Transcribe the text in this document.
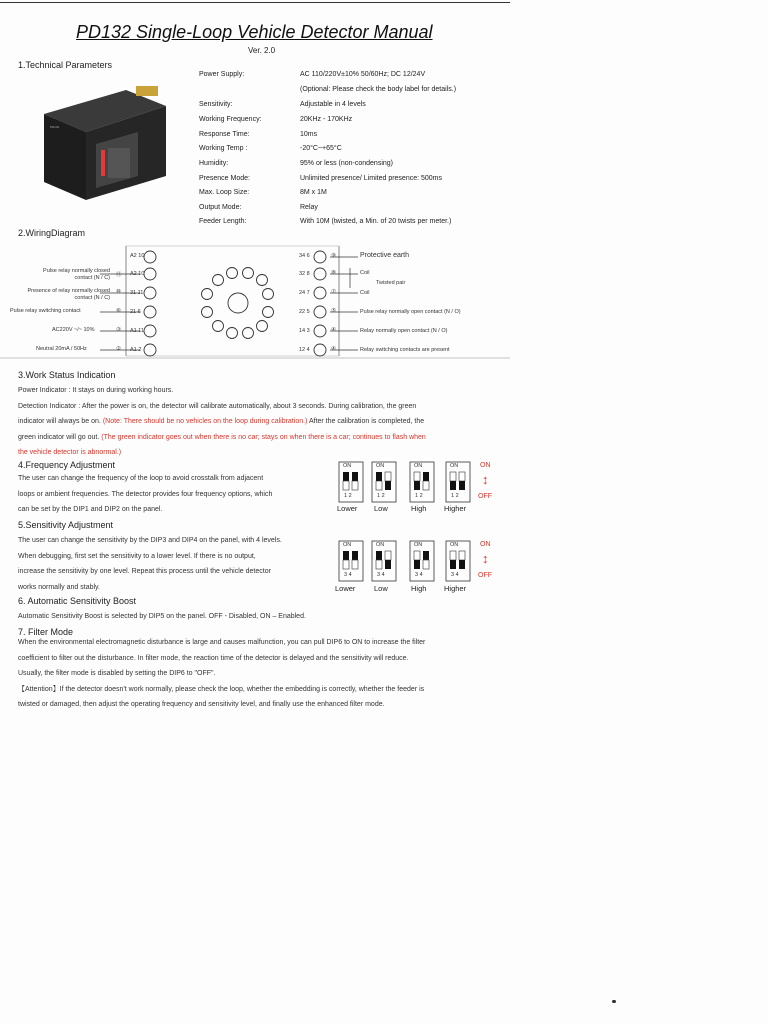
PD132 Single-Loop Vehicle Detector Manual
Ver. 2.0
1.Technical Parameters
PD132
Power Supply:	AC 110/220V±10% 50/60Hz; DC 12/24V
(Optional: Please check the body label for details.)
Sensitivity:	Adjustable in 4 levels
Working Frequency:	20KHz - 170KHz
Response Time:	10ms
Working Temp :	-20°C~+65°C
Humidity:	95% or less (non-condensing)
Presence Mode:	Unlimited presence/ Limited presence: 500ms
Max. Loop Size:	8M x 1M
Output Mode:	Relay
Feeder Length:	With 10M (twisted, a Min. of 20 twists per meter.)
2.WiringDiagram
A2 10
A2 10
31 11
21 6
A1 11
A1 2
34 6
32 8
24 7
22 5
14 3
12 4
Pulse relay normally closed contact (N / C) ⑪
Presence of relay normally closed contact (N / C)
⑩
Pulse relay switching contact	⑥
AC220V ~/~ 10%	③
Neutral 20mA / 50Hz	②
⑨	Protective earth
⑧	Coil
Twisted pair
⑦	Coil
⑤	Pulse relay normally open contact (N / O)
④	Relay normally open contact (N / O)
④	Relay switching contacts are present
3.Work Status Indication
Power Indicator : It stays on during working hours.
Detection Indicator : After the power is on, the detector will calibrate automatically, about 3 seconds. During calibration, the green
indicator will always be on. (Note: There should be no vehicles on the loop during calibration.) After the calibration is completed, the
green indicator will go out. (The green indicator goes out when there is no car; stays on when there is a car; continues to flash when
the vehicle detector is abnormal.)
4.Frequency Adjustment
The user can change the frequency of the loop to avoid crosstalk from adjacent
loops or ambient frequencies. The detector provides four frequency options, which
can be set by the DIP1 and DIP2 on the panel.
ON	ON	ON	ON
1 2	1 2	1 2	1 2
ON
↕
OFF
Lower Low	High Higher
5.Sensitivity Adjustment
The user can change the sensitivity by the DIP3 and DIP4 on the panel, with 4 levels.
When debugging, first set the sensitivity to a lower level. If there is no output,
increase the sensitivity by one level. Repeat this process until the vehicle detector
works normally and stably.
ON	ON	ON	ON
3 4	3 4	3 4	3 4
ON
↕
OFF
Lower Low	High Higher
6. Automatic Sensitivity Boost
Automatic Sensitivity Boost is selected by DIP5 on the panel. OFF - Disabled, ON – Enabled.
7. Filter Mode
When the environmental electromagnetic disturbance is large and causes malfunction, you can pull DIP6 to ON to increase the filter
coefficient to filter out the disturbance. In filter mode, the reaction time of the detector is delayed and the sensitivity will reduce.
Usually, the filter mode is disabled by setting the DIP6 to "OFF".
【Attention】If the detector doesn't work normally, please check the loop, whether the embedding is correctly, whether the feeder is
twisted or damaged, then adjust the operating frequency and sensitivity level, and finally use the enhanced filter mode.
